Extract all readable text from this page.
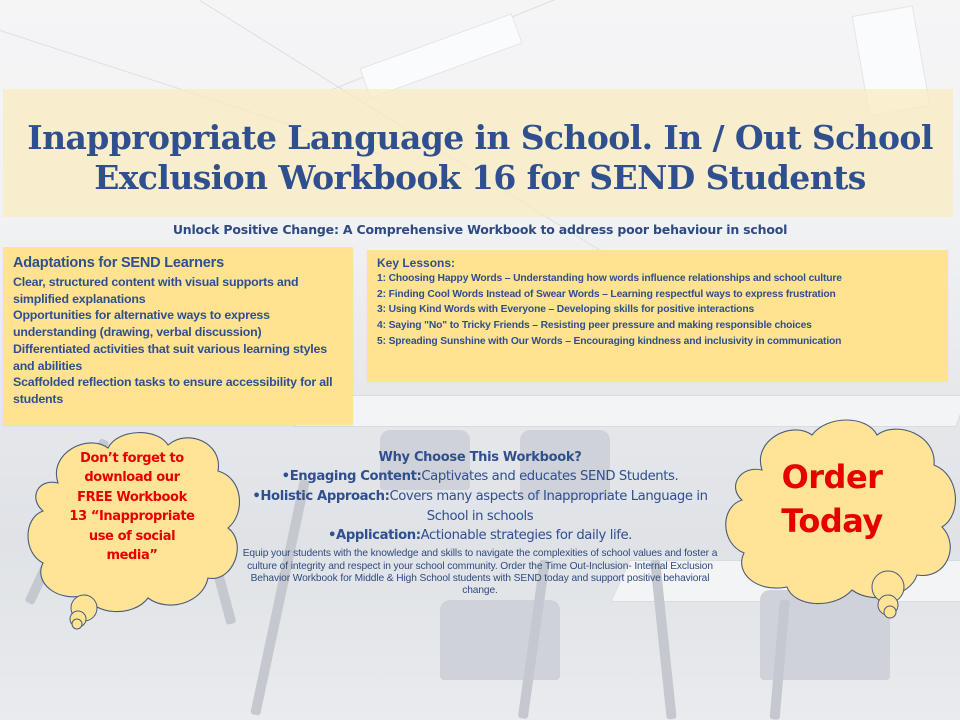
Inappropriate Language in School. In / Out School
Exclusion Workbook 16 for SEND Students
Unlock Positive Change: A Comprehensive Workbook to address poor behaviour in school
Adaptations for SEND Learners
Clear, structured content with visual supports and simplified explanations
Opportunities for alternative ways to express understanding (drawing, verbal discussion)
Differentiated activities that suit various learning styles and abilities
Scaffolded reflection tasks to ensure accessibility for all students
Key Lessons:
1: Choosing Happy Words – Understanding how words influence relationships and school culture
2: Finding Cool Words Instead of Swear Words – Learning respectful ways to express frustration
3: Using Kind Words with Everyone – Developing skills for positive interactions
4: Saying "No" to Tricky Friends – Resisting peer pressure and making responsible choices
5: Spreading Sunshine with Our Words – Encouraging kindness and inclusivity in communication
Why Choose This Workbook?
•Engaging Content:Captivates and educates SEND Students.
•Holistic Approach:Covers many aspects of Inappropriate Language in School in schools
•Application:Actionable strategies for daily life.
Equip your students with the knowledge and skills to navigate the complexities of school values and foster a culture of integrity and respect in your school community. Order the Time Out-Inclusion- Internal Exclusion Behavior Workbook for Middle & High School students with SEND today and support positive behavioral change.
Don’t forget to
download our
FREE Workbook
13 “Inappropriate
use of social
media”
Order
Today
